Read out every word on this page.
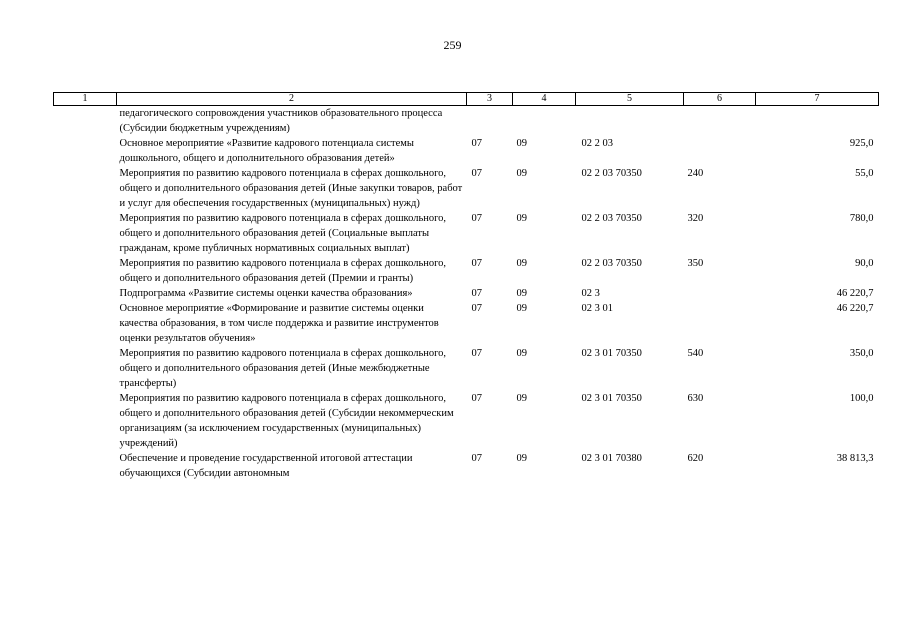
259
1	2	3	4	5	6	7
	педагогического сопровождения участников образовательного процесса (Субсидии бюджетным учреждениям)					
	Основное мероприятие «Развитие кадрового потенциала системы дошкольного, общего и дополнительного образования детей»	07	09	02 2 03		925,0
	Мероприятия по развитию кадрового потенциала в сферах дошкольного, общего и дополнительного образования детей (Иные закупки товаров, работ и услуг для обеспечения государственных (муниципальных) нужд)	07	09	02 2 03 70350	240	55,0
	Мероприятия по развитию кадрового потенциала в сферах дошкольного, общего и дополнительного образования детей (Социальные выплаты гражданам, кроме публичных нормативных социальных выплат)	07	09	02 2 03 70350	320	780,0
	Мероприятия по развитию кадрового потенциала в сферах дошкольного, общего и дополнительного образования детей (Премии и гранты)	07	09	02 2 03 70350	350	90,0
	Подпрограмма «Развитие системы оценки качества образования»	07	09	02 3		46 220,7
	Основное мероприятие «Формирование и развитие системы оценки качества образования, в том числе поддержка и развитие инструментов оценки результатов обучения»	07	09	02 3 01		46 220,7
	Мероприятия по развитию кадрового потенциала в сферах дошкольного, общего и дополнительного образования детей (Иные межбюджетные трансферты)	07	09	02 3 01 70350	540	350,0
	Мероприятия по развитию кадрового потенциала в сферах дошкольного, общего и дополнительного образования детей (Субсидии некоммерческим организациям (за исключением государственных (муниципальных) учреждений)	07	09	02 3 01 70350	630	100,0
	Обеспечение и проведение государственной итоговой аттестации обучающихся (Субсидии автономным	07	09	02 3 01 70380	620	38 813,3
